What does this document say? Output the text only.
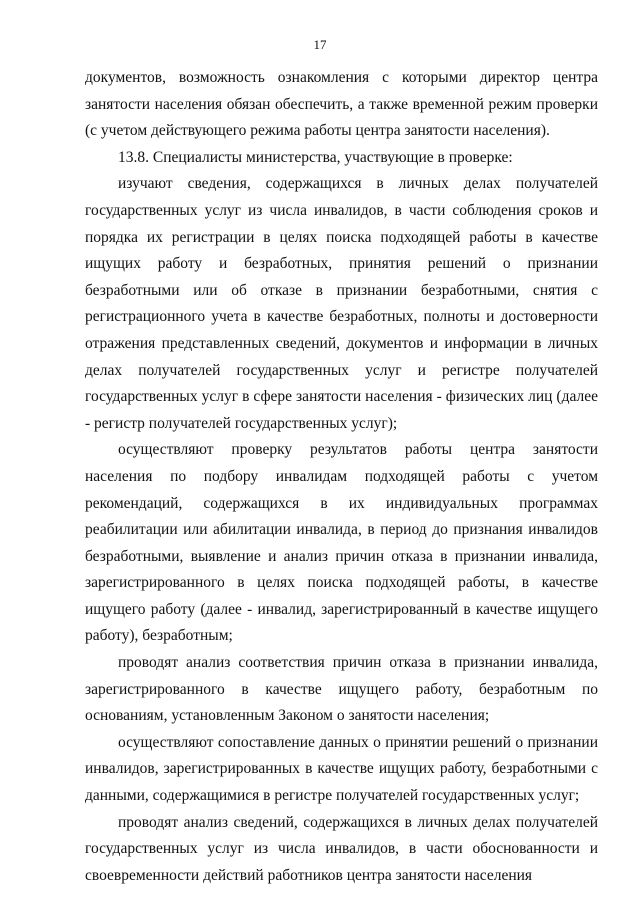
17

документов, возможность ознакомления с которыми директор центра занятости населения обязан обеспечить, а также временной режим проверки (с учетом действующего режима работы центра занятости населения).

13.8. Специалисты министерства, участвующие в проверке:

изучают сведения, содержащихся в личных делах получателей государственных услуг из числа инвалидов, в части соблюдения сроков и порядка их регистрации в целях поиска подходящей работы в качестве ищущих работу и безработных, принятия решений о признании безработными или об отказе в признании безработными, снятия с регистрационного учета в качестве безработных, полноты и достоверности отражения представленных сведений, документов и информации в личных делах получателей государственных услуг и регистре получателей государственных услуг в сфере занятости населения - физических лиц (далее - регистр получателей государственных услуг);

осуществляют проверку результатов работы центра занятости населения по подбору инвалидам подходящей работы с учетом рекомендаций, содержащихся в их индивидуальных программах реабилитации или абилитации инвалида, в период до признания инвалидов безработными, выявление и анализ причин отказа в признании инвалида, зарегистрированного в целях поиска подходящей работы, в качестве ищущего работу (далее - инвалид, зарегистрированный в качестве ищущего работу), безработным;

проводят анализ соответствия причин отказа в признании инвалида, зарегистрированного в качестве ищущего работу, безработным по основаниям, установленным Законом о занятости населения;

осуществляют сопоставление данных о принятии решений о признании инвалидов, зарегистрированных в качестве ищущих работу, безработными с данными, содержащимися в регистре получателей государственных услуг;

проводят анализ сведений, содержащихся в личных делах получателей государственных услуг из числа инвалидов, в части обоснованности и своевременности действий работников центра занятости населения
